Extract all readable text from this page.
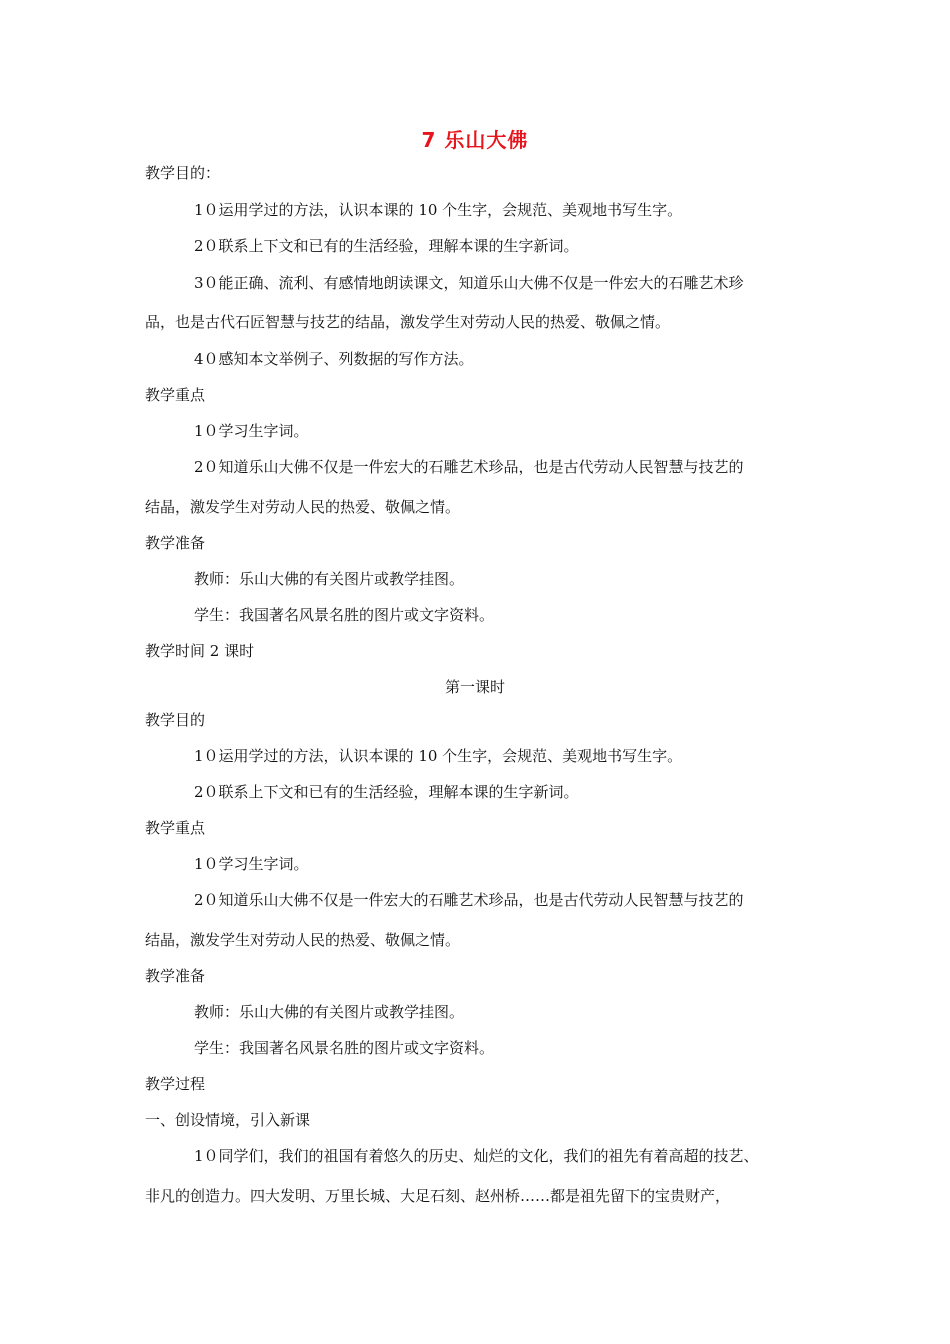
7 乐山大佛
教学目的：
1０运用学过的方法，认识本课的 10 个生字，会规范、美观地书写生字。
2０联系上下文和已有的生活经验，理解本课的生字新词。
3０能正确、流利、有感情地朗读课文，知道乐山大佛不仅是一件宏大的石雕艺术珍
品，也是古代石匠智慧与技艺的结晶，激发学生对劳动人民的热爱、敬佩之情。
4０感知本文举例子、列数据的写作方法。
教学重点
1０学习生字词。
2０知道乐山大佛不仅是一件宏大的石雕艺术珍品，也是古代劳动人民智慧与技艺的
结晶，激发学生对劳动人民的热爱、敬佩之情。
教学准备
教师：乐山大佛的有关图片或教学挂图。
学生：我国著名风景名胜的图片或文字资料。
教学时间 2 课时
第一课时
教学目的
1０运用学过的方法，认识本课的 10 个生字，会规范、美观地书写生字。
2０联系上下文和已有的生活经验，理解本课的生字新词。
教学重点
1０学习生字词。
2０知道乐山大佛不仅是一件宏大的石雕艺术珍品，也是古代劳动人民智慧与技艺的
结晶，激发学生对劳动人民的热爱、敬佩之情。
教学准备
教师：乐山大佛的有关图片或教学挂图。
学生：我国著名风景名胜的图片或文字资料。
教学过程
一、创设情境，引入新课
1０同学们，我们的祖国有着悠久的历史、灿烂的文化，我们的祖先有着高超的技艺、
非凡的创造力。四大发明、万里长城、大足石刻、赵州桥……都是祖先留下的宝贵财产，
